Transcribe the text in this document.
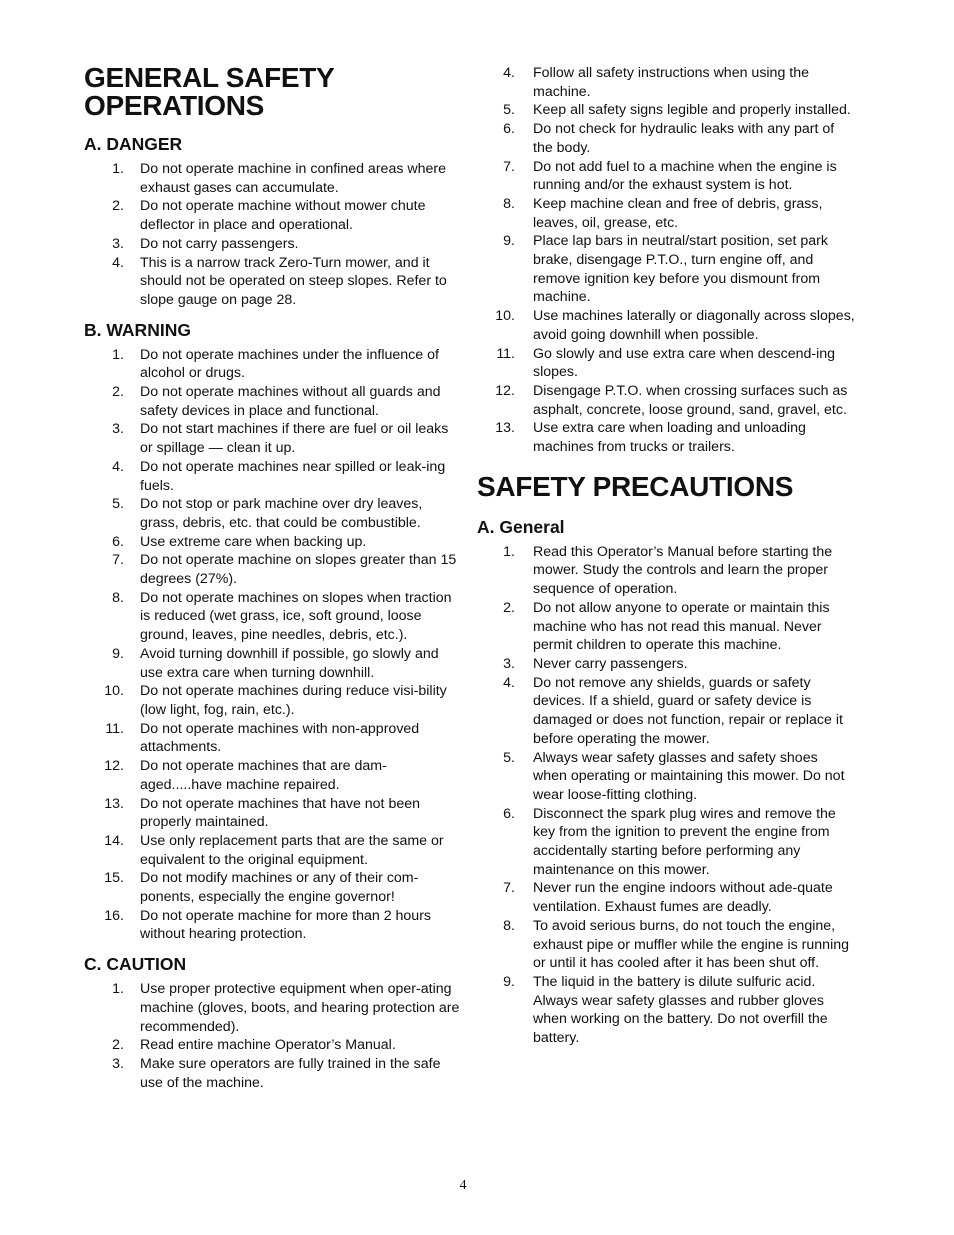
GENERAL SAFETY
OPERATIONS
A. DANGER
1. Do not operate machine in confined areas where exhaust gases can accumulate.
2. Do not operate machine without mower chute deflector in place and operational.
3. Do not carry passengers.
4. This is a narrow track Zero-Turn mower, and it should not be operated on steep slopes. Refer to slope gauge on page 28.
B. WARNING
1. Do not operate machines under the influence of alcohol or drugs.
2. Do not operate machines without all guards and safety devices in place and functional.
3. Do not start machines if there are fuel or oil leaks or spillage — clean it up.
4. Do not operate machines near spilled or leak-ing fuels.
5. Do not stop or park machine over dry leaves, grass, debris, etc. that could be combustible.
6. Use extreme care when backing up.
7. Do not operate machine on slopes greater than 15 degrees (27%).
8. Do not operate machines on slopes when traction is reduced (wet grass, ice, soft ground, loose ground, leaves, pine needles, debris, etc.).
9. Avoid turning downhill if possible, go slowly and use extra care when turning downhill.
10. Do not operate machines during reduce visi-bility (low light, fog, rain, etc.).
11. Do not operate machines with non-approved attachments.
12. Do not operate machines that are dam-aged.....have machine repaired.
13. Do not operate machines that have not been properly maintained.
14. Use only replacement parts that are the same or equivalent to the original equipment.
15. Do not modify machines or any of their com-ponents, especially the engine governor!
16. Do not operate machine for more than 2 hours without hearing protection.
C. CAUTION
1. Use proper protective equipment when oper-ating machine (gloves, boots, and hearing protection are recommended).
2. Read entire machine Operator’s Manual.
3. Make sure operators are fully trained in the safe use of the machine.
4. Follow all safety instructions when using the machine.
5. Keep all safety signs legible and properly installed.
6. Do not check for hydraulic leaks with any part of the body.
7. Do not add fuel to a machine when the engine is running and/or the exhaust system is hot.
8. Keep machine clean and free of debris, grass, leaves, oil, grease, etc.
9. Place lap bars in neutral/start position, set park brake, disengage P.T.O., turn engine off, and remove ignition key before you dismount from machine.
10. Use machines laterally or diagonally across slopes, avoid going downhill when possible.
11. Go slowly and use extra care when descend-ing slopes.
12. Disengage P.T.O. when crossing surfaces such as asphalt, concrete, loose ground, sand, gravel, etc.
13. Use extra care when loading and unloading machines from trucks or trailers.
SAFETY PRECAUTIONS
A. General
1. Read this Operator’s Manual before starting the mower. Study the controls and learn the proper sequence of operation.
2. Do not allow anyone to operate or maintain this machine who has not read this manual. Never permit children to operate this machine.
3. Never carry passengers.
4. Do not remove any shields, guards or safety devices. If a shield, guard or safety device is damaged or does not function, repair or replace it before operating the mower.
5. Always wear safety glasses and safety shoes when operating or maintaining this mower. Do not wear loose-fitting clothing.
6. Disconnect the spark plug wires and remove the key from the ignition to prevent the engine from accidentally starting before performing any maintenance on this mower.
7. Never run the engine indoors without ade-quate ventilation. Exhaust fumes are deadly.
8. To avoid serious burns, do not touch the engine, exhaust pipe or muffler while the engine is running or until it has cooled after it has been shut off.
9. The liquid in the battery is dilute sulfuric acid. Always wear safety glasses and rubber gloves when working on the battery. Do not overfill the battery.
4
